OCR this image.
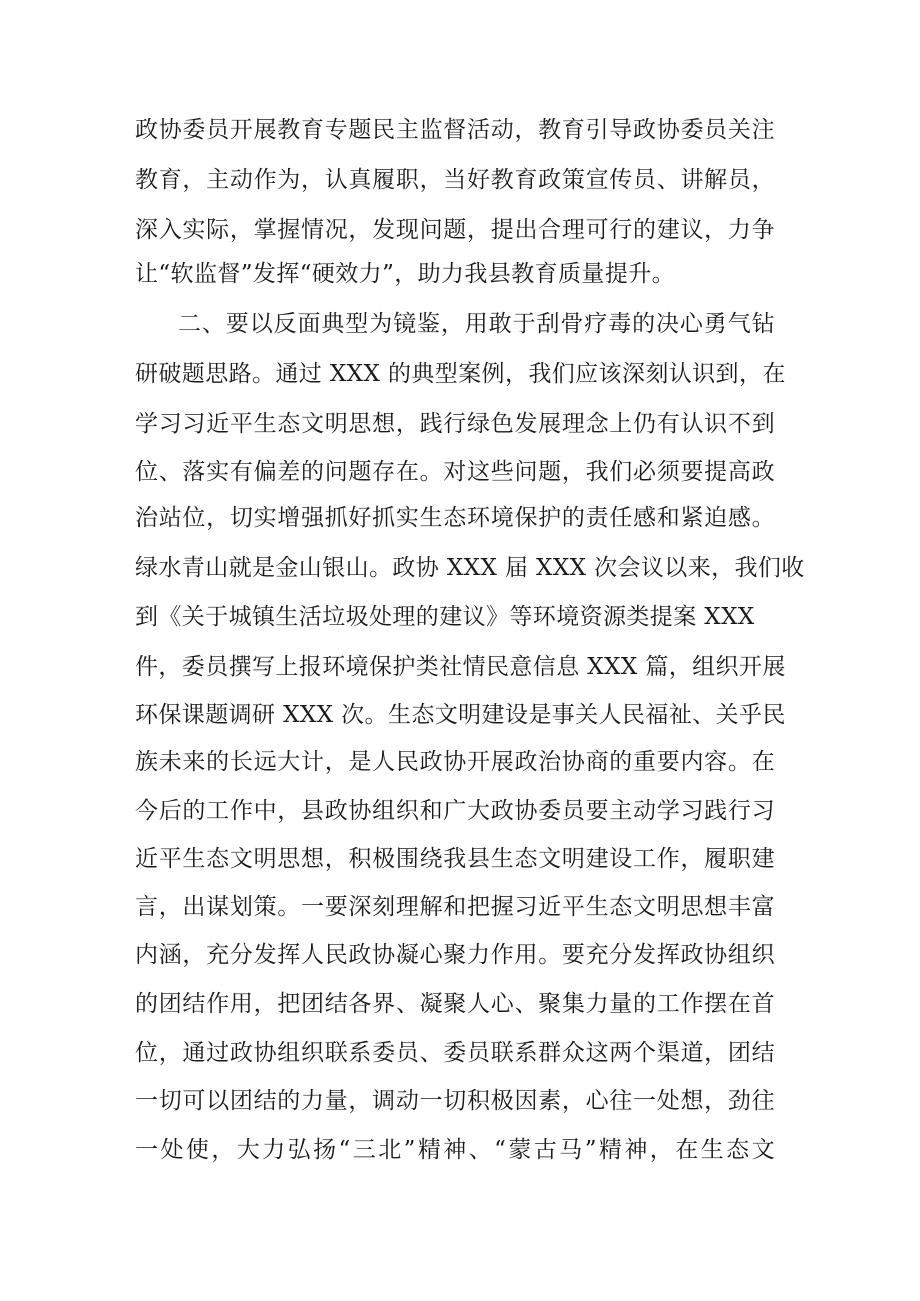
政协委员开展教育专题民主监督活动，教育引导政协委员关注
教育，主动作为，认真履职，当好教育政策宣传员、讲解员，
深入实际，掌握情况，发现问题，提出合理可行的建议，力争
让“软监督”发挥“硬效力”，助力我县教育质量提升。
二、要以反面典型为镜鉴，用敢于刮骨疗毒的决心勇气钻
研破题思路。通过 XXX 的典型案例，我们应该深刻认识到，在
学习习近平生态文明思想，践行绿色发展理念上仍有认识不到
位、落实有偏差的问题存在。对这些问题，我们必须要提高政
治站位，切实增强抓好抓实生态环境保护的责任感和紧迫感。
绿水青山就是金山银山。政协 XXX 届 XXX 次会议以来，我们收
到《关于城镇生活垃圾处理的建议》等环境资源类提案 XXX
件，委员撰写上报环境保护类社情民意信息 XXX 篇，组织开展
环保课题调研 XXX 次。生态文明建设是事关人民福祉、关乎民
族未来的长远大计，是人民政协开展政治协商的重要内容。在
今后的工作中，县政协组织和广大政协委员要主动学习践行习
近平生态文明思想，积极围绕我县生态文明建设工作，履职建
言，出谋划策。一要深刻理解和把握习近平生态文明思想丰富
内涵，充分发挥人民政协凝心聚力作用。要充分发挥政协组织
的团结作用，把团结各界、凝聚人心、聚集力量的工作摆在首
位，通过政协组织联系委员、委员联系群众这两个渠道，团结
一切可以团结的力量，调动一切积极因素，心往一处想，劲往
一处使，大力弘扬“三北”精神、“蒙古马”精神，在生态文
